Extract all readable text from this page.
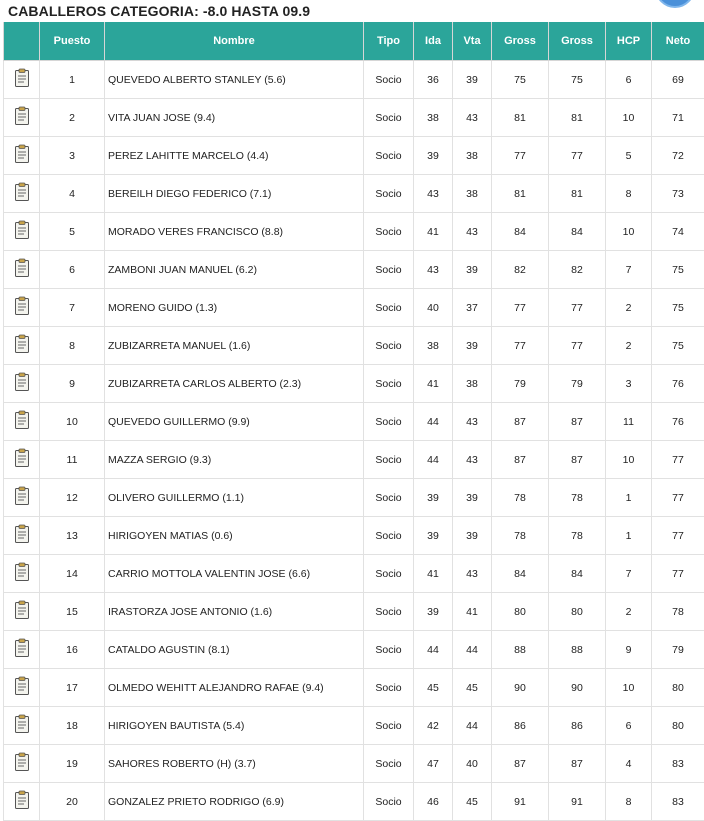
CABALLEROS CATEGORIA: -8.0 HASTA 09.9
	Puesto	Nombre	Tipo	Ida	Vta	Gross	Gross	HCP	Neto
	1	QUEVEDO ALBERTO STANLEY (5.6)	Socio	36	39	75	75	6	69
	2	VITA JUAN JOSE (9.4)	Socio	38	43	81	81	10	71
	3	PEREZ LAHITTE MARCELO (4.4)	Socio	39	38	77	77	5	72
	4	BEREILH DIEGO FEDERICO (7.1)	Socio	43	38	81	81	8	73
	5	MORADO VERES FRANCISCO (8.8)	Socio	41	43	84	84	10	74
	6	ZAMBONI JUAN MANUEL (6.2)	Socio	43	39	82	82	7	75
	7	MORENO GUIDO (1.3)	Socio	40	37	77	77	2	75
	8	ZUBIZARRETA MANUEL (1.6)	Socio	38	39	77	77	2	75
	9	ZUBIZARRETA CARLOS ALBERTO (2.3)	Socio	41	38	79	79	3	76
	10	QUEVEDO GUILLERMO (9.9)	Socio	44	43	87	87	11	76
	11	MAZZA SERGIO (9.3)	Socio	44	43	87	87	10	77
	12	OLIVERO GUILLERMO (1.1)	Socio	39	39	78	78	1	77
	13	HIRIGOYEN MATIAS (0.6)	Socio	39	39	78	78	1	77
	14	CARRIO MOTTOLA VALENTIN JOSE (6.6)	Socio	41	43	84	84	7	77
	15	IRASTORZA JOSE ANTONIO (1.6)	Socio	39	41	80	80	2	78
	16	CATALDO AGUSTIN (8.1)	Socio	44	44	88	88	9	79
	17	OLMEDO WEHITT ALEJANDRO RAFAE (9.4)	Socio	45	45	90	90	10	80
	18	HIRIGOYEN BAUTISTA (5.4)	Socio	42	44	86	86	6	80
	19	SAHORES ROBERTO (H) (3.7)	Socio	47	40	87	87	4	83
	20	GONZALEZ PRIETO RODRIGO (6.9)	Socio	46	45	91	91	8	83
